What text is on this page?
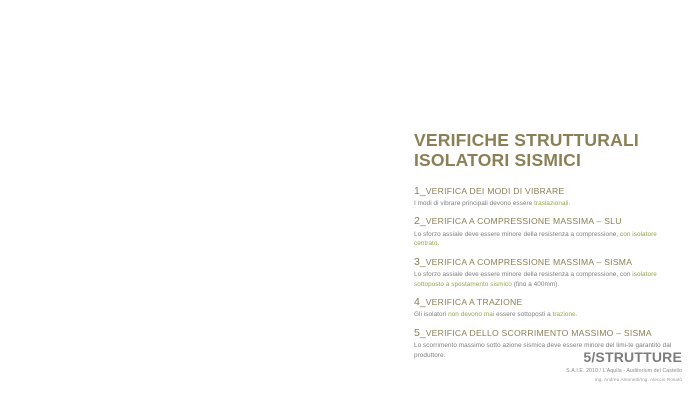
VERIFICHE STRUTTURALI
ISOLATORI SISMICI
1_VERIFICA DEI MODI DI VIBRARE
I modi di vibrare principali devono essere traslazionali.
2_VERIFICA A COMPRESSIONE MASSIMA – SLU
Lo sforzo assiale deve essere minore della resistenza a compressione, con isolatore centrato.
3_VERIFICA A COMPRESSIONE MASSIMA – SISMA
Lo sforzo assiale deve essere minore della resistenza a compressione, con isolatore sottoposto a spostamento sismico (fino a 400mm).
4_VERIFICA A TRAZIONE
Gli isolatori non devono mai essere sottoposti a trazione.
5_VERIFICA DELLO SCORRIMENTO MASSIMO – SISMA
Lo scorrimento massimo sotto azione sismica deve essere minore del limi-te garantito dal produttore.	5/STRUTTURE
S.A.I.E. 2010 / L'Aquila - Auditorium del Castello
Ing. Andrea Amonetti/Ing. Aleccio Rosatò
